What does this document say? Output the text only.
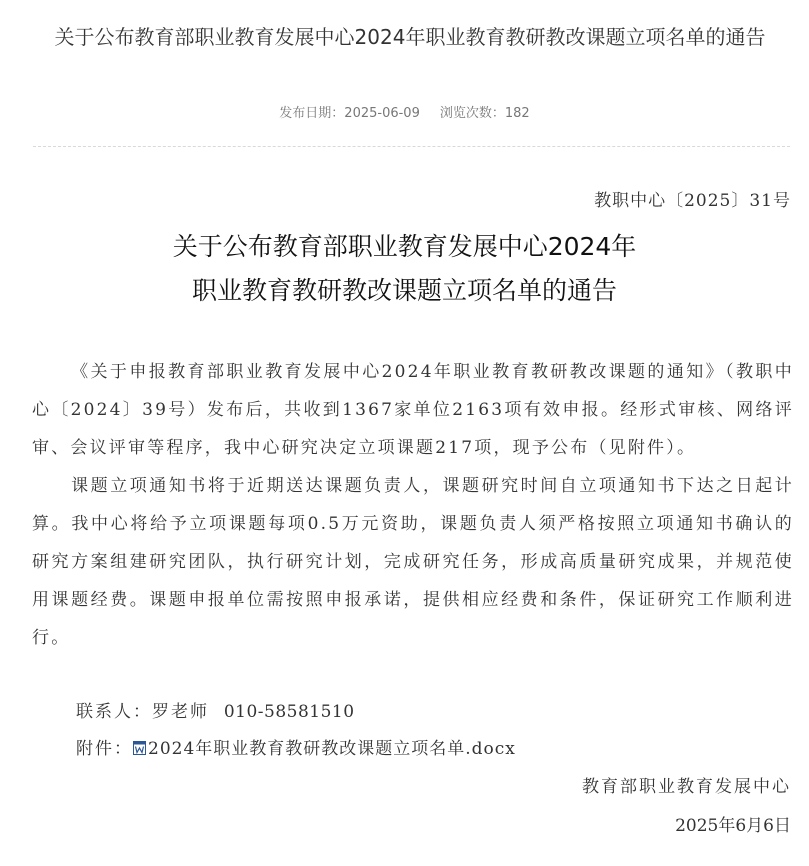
关于公布教育部职业教育发展中心2024年职业教育教研教改课题立项名单的通告
发布日期：2025-06-09 浏览次数：182
教职中心〔2025〕31号
关于公布教育部职业教育发展中心2024年
职业教育教研教改课题立项名单的通告

《关于申报教育部职业教育发展中心2024年职业教育教研教改课题的通知》（教职中心〔2024〕39号）发布后，共收到1367家单位2163项有效申报。经形式审核、网络评审、会议评审等程序，我中心研究决定立项课题217项，现予公布（见附件）。

课题立项通知书将于近期送达课题负责人，课题研究时间自立项通知书下达之日起计算。我中心将给予立项课题每项0.5万元资助，课题负责人须严格按照立项通知书确认的研究方案组建研究团队，执行研究计划，完成研究任务，形成高质量研究成果，并规范使用课题经费。课题申报单位需按照申报承诺，提供相应经费和条件，保证研究工作顺利进行。

联系人：罗老师 010-58581510
附件： 2024年职业教育教研教改课题立项名单.docx
教育部职业教育发展中心
2025年6月6日
